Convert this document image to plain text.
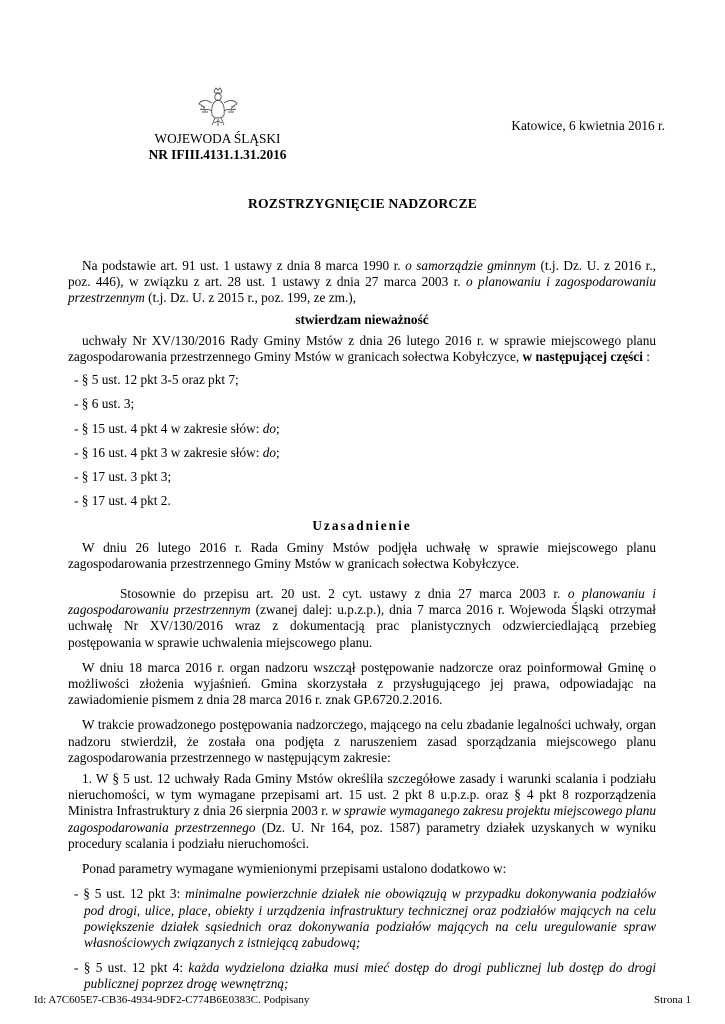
WOJEWODA ŚLĄSKI
NR IFIII.4131.1.31.2016
Katowice, 6 kwietnia 2016 r.
ROZSTRZYGNIĘCIE NADZORCZE

Na podstawie art. 91 ust. 1 ustawy z dnia 8 marca 1990 r. o samorządzie gminnym (t.j. Dz. U. z 2016 r., poz. 446), w związku z art. 28 ust. 1 ustawy z dnia 27 marca 2003 r. o planowaniu i zagospodarowaniu przestrzennym (t.j. Dz. U. z 2015 r., poz. 199, ze zm.),

stwierdzam nieważność

uchwały Nr XV/130/2016 Rady Gminy Mstów z dnia 26 lutego 2016 r. w sprawie miejscowego planu zagospodarowania przestrzennego Gminy Mstów w granicach sołectwa Kobyłczyce, w następującej części :

- § 5 ust. 12 pkt 3-5 oraz pkt 7;

- § 6 ust. 3;

- § 15 ust. 4 pkt 4 w zakresie słów: do;

- § 16 ust. 4 pkt 3 w zakresie słów: do;

- § 17 ust. 3 pkt 3;

- § 17 ust. 4 pkt 2.

Uzasadnienie

W dniu 26 lutego 2016 r. Rada Gminy Mstów podjęła uchwałę w sprawie miejscowego planu zagospodarowania przestrzennego Gminy Mstów w granicach sołectwa Kobyłczyce.

Stosownie do przepisu art. 20 ust. 2 cyt. ustawy z dnia 27 marca 2003 r. o planowaniu i zagospodarowaniu przestrzennym (zwanej dalej: u.p.z.p.), dnia 7 marca 2016 r. Wojewoda Śląski otrzymał uchwałę Nr XV/130/2016 wraz z dokumentacją prac planistycznych odzwierciedlającą przebieg postępowania w sprawie uchwalenia miejscowego planu.

W dniu 18 marca 2016 r. organ nadzoru wszczął postępowanie nadzorcze oraz poinformował Gminę o możliwości złożenia wyjaśnień. Gmina skorzystała z przysługującego jej prawa, odpowiadając na zawiadomienie pismem z dnia 28 marca 2016 r. znak GP.6720.2.2016.

W trakcie prowadzonego postępowania nadzorczego, mającego na celu zbadanie legalności uchwały, organ nadzoru stwierdził, że została ona podjęta z naruszeniem zasad sporządzania miejscowego planu zagospodarowania przestrzennego w następującym zakresie:

1. W § 5 ust. 12 uchwały Rada Gminy Mstów określiła szczegółowe zasady i warunki scalania i podziału nieruchomości, w tym wymagane przepisami art. 15 ust. 2 pkt 8 u.p.z.p. oraz § 4 pkt 8 rozporządzenia Ministra Infrastruktury z dnia 26 sierpnia 2003 r. w sprawie wymaganego zakresu projektu miejscowego planu zagospodarowania przestrzennego (Dz. U. Nr 164, poz. 1587) parametry działek uzyskanych w wyniku procedury scalania i podziału nieruchomości.

Ponad parametry wymagane wymienionymi przepisami ustalono dodatkowo w:

- § 5 ust. 12 pkt 3: minimalne powierzchnie działek nie obowiązują w przypadku dokonywania podziałów pod drogi, ulice, place, obiekty i urządzenia infrastruktury technicznej oraz podziałów mających na celu powiększenie działek sąsiednich oraz dokonywania podziałów mających na celu uregulowanie spraw własnościowych związanych z istniejącą zabudową;

- § 5 ust. 12 pkt 4: każda wydzielona działka musi mieć dostęp do drogi publicznej lub dostęp do drogi publicznej poprzez drogę wewnętrzną;

Id: A7C605E7-CB36-4934-9DF2-C774B6E0383C. Podpisany	Strona 1
